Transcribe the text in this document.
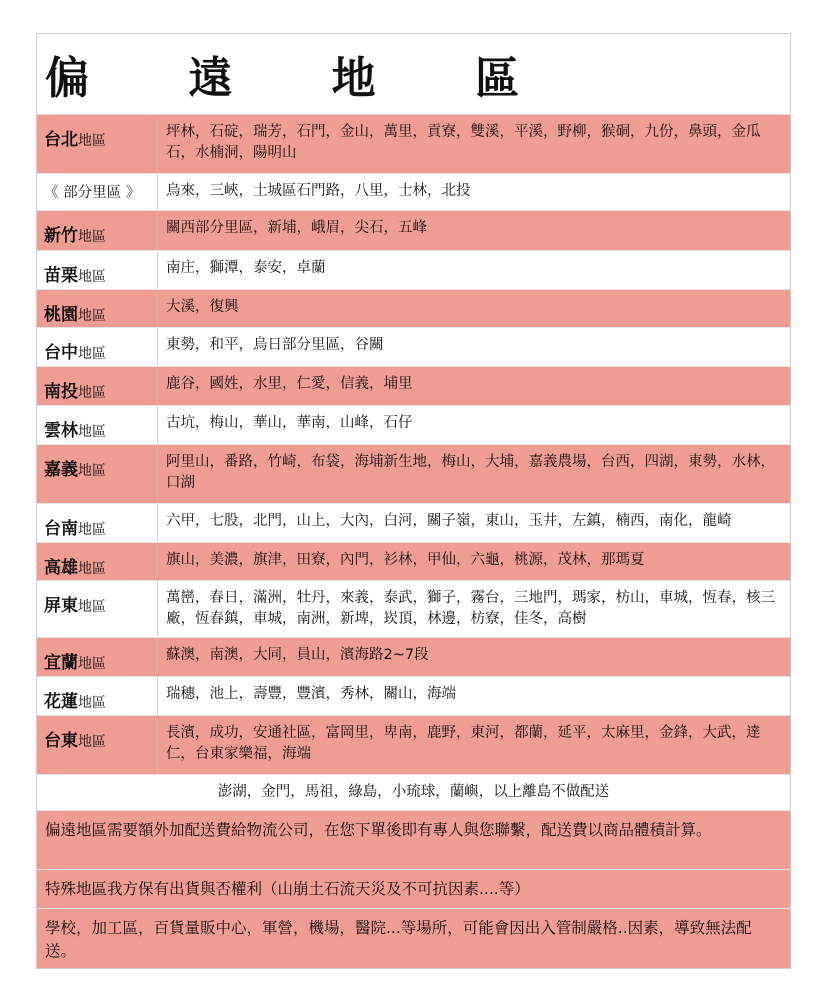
偏 遠 地 區
台北地區
坪林，石碇，瑞芳，石門，金山，萬里，貢寮，雙溪，平溪，野柳，猴硐，九份，鼻頭，金瓜石，水楠洞，陽明山
《 部分里區 》	烏來，三峽，土城區石門路，八里，士林，北投
新竹地區
關西部分里區，新埔，峨眉，尖石，五峰
苗栗地區
南庄，獅潭，泰安，卓蘭
桃園地區
大溪，復興
台中地區
東勢，和平，烏日部分里區，谷關
南投地區
鹿谷，國姓，水里，仁愛，信義，埔里
雲林地區
古坑，梅山，華山，華南，山峰，石仔
嘉義地區
阿里山，番路，竹崎，布袋，海埔新生地，梅山，大埔，嘉義農場，台西，四湖，東勢，水林，口湖
台南地區
六甲，七股，北門，山上，大內，白河，關子嶺，東山，玉井，左鎮，楠西，南化，龍崎
高雄地區
旗山，美濃，旗津，田寮，內門，衫林，甲仙，六龜，桃源，茂林，那瑪夏
屏東地區
萬巒，春日，滿洲，牡丹，來義，泰武，獅子，霧台，三地門，瑪家，枋山，車城，恆春，核三廠，恆春鎮，車城，南洲，新埤，崁頂，林邊，枋寮，佳冬，高樹
宜蘭地區
蘇澳，南澳，大同，員山，濱海路2~7段
花蓮地區
瑞穗，池上，壽豐，豐濱，秀林，關山，海端
台東地區
長濱，成功，安通社區，富岡里，卑南，鹿野，東河，都蘭，延平，太麻里，金鋒，大武，達仁，台東家樂福，海端
澎湖，金門，馬祖，綠島，小琉球，蘭嶼，以上離島不做配送
偏遠地區需要額外加配送費給物流公司，在您下單後即有專人與您聯繫，配送費以商品體積計算。
特殊地區我方保有出貨與否權利（山崩土石流天災及不可抗因素....等）
學校，加工區，百貨量販中心，軍營，機場，醫院...等場所，可能會因出入管制嚴格..因素，導致無法配送。
